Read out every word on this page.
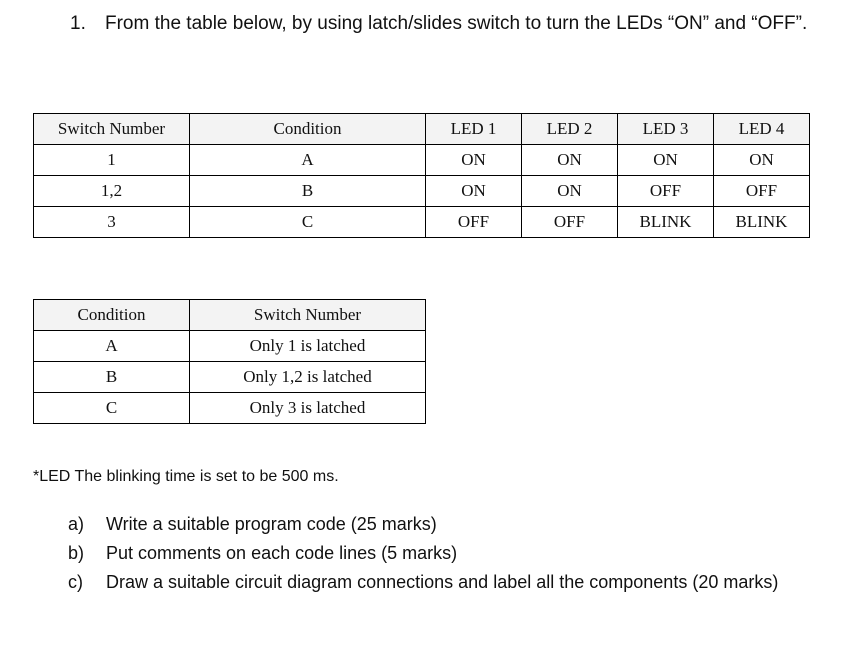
1. From the table below, by using latch/slides switch to turn the LEDs “ON” and “OFF”.
Switch Number	Condition	LED 1	LED 2	LED 3	LED 4
1	A	ON	ON	ON	ON
1,2	B	ON	ON	OFF	OFF
3	C	OFF	OFF	BLINK	BLINK
Condition	Switch Number
A	Only 1 is latched
B	Only 1,2 is latched
C	Only 3 is latched
*LED The blinking time is set to be 500 ms.
a) Write a suitable program code (25 marks)
b) Put comments on each code lines (5 marks)
c) Draw a suitable circuit diagram connections and label all the components (20 marks)
